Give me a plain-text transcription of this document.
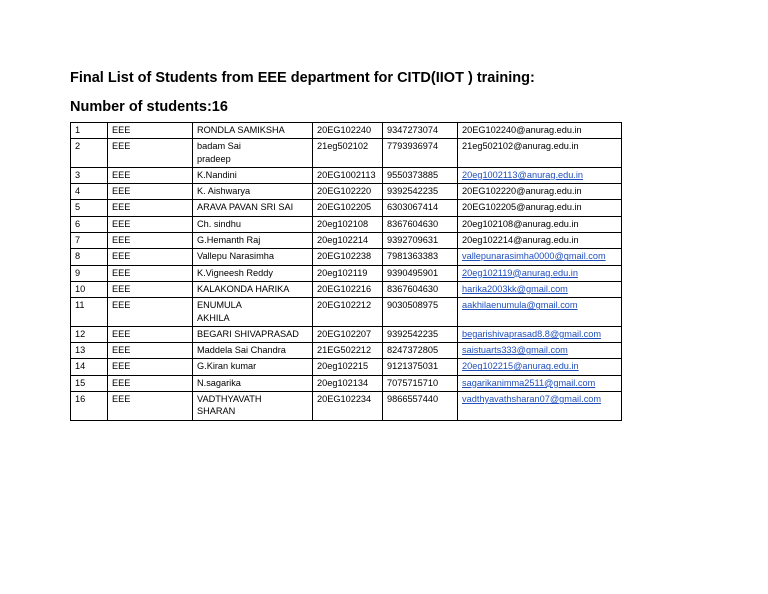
Final List of Students from EEE department for CITD(IIOT ) training:
Number of students:16
1	EEE	RONDLA SAMIKSHA	20EG102240	9347273074	20EG102240@anurag.edu.in
2	EEE	badam Sai
pradeep	21eg502102	7793936974	21eg502102@anurag.edu.in
3	EEE	K.Nandini	20EG1002113	9550373885	20eg1002113@anurag.edu.in
4	EEE	K. Aishwarya	20EG102220	9392542235	20EG102220@anurag.edu.in
5	EEE	ARAVA PAVAN SRI SAI	20EG102205	6303067414	20EG102205@anurag.edu.in
6	EEE	Ch. sindhu	20eg102108	8367604630	20eg102108@anurag.edu.in
7	EEE	G.Hemanth Raj	20eg102214	9392709631	20eg102214@anurag.edu.in
8	EEE	Vallepu Narasimha	20EG102238	7981363383	vallepunarasimha0000@gmail.com
9	EEE	K.Vigneesh Reddy	20eg102119	9390495901	20eg102119@anurag.edu.in
10	EEE	KALAKONDA HARIKA	20EG102216	8367604630	harika2003kk@gmail.com
11	EEE	ENUMULA
AKHILA	20EG102212	9030508975	aakhilaenumula@gmail.com
12	EEE	BEGARI SHIVAPRASAD	20EG102207	9392542235	begarishivaprasad8.8@gmail.com
13	EEE	Maddela Sai Chandra	21EG502212	8247372805	saistuarts333@gmail.com
14	EEE	G.Kiran kumar	20eg102215	9121375031	20eg102215@anurag.edu.in
15	EEE	N.sagarika	20eg102134	7075715710	sagarikanimma2511@gmail.com
16	EEE	VADTHYAVATH
SHARAN	20EG102234	9866557440	vadthyavathsharan07@gmail.com
